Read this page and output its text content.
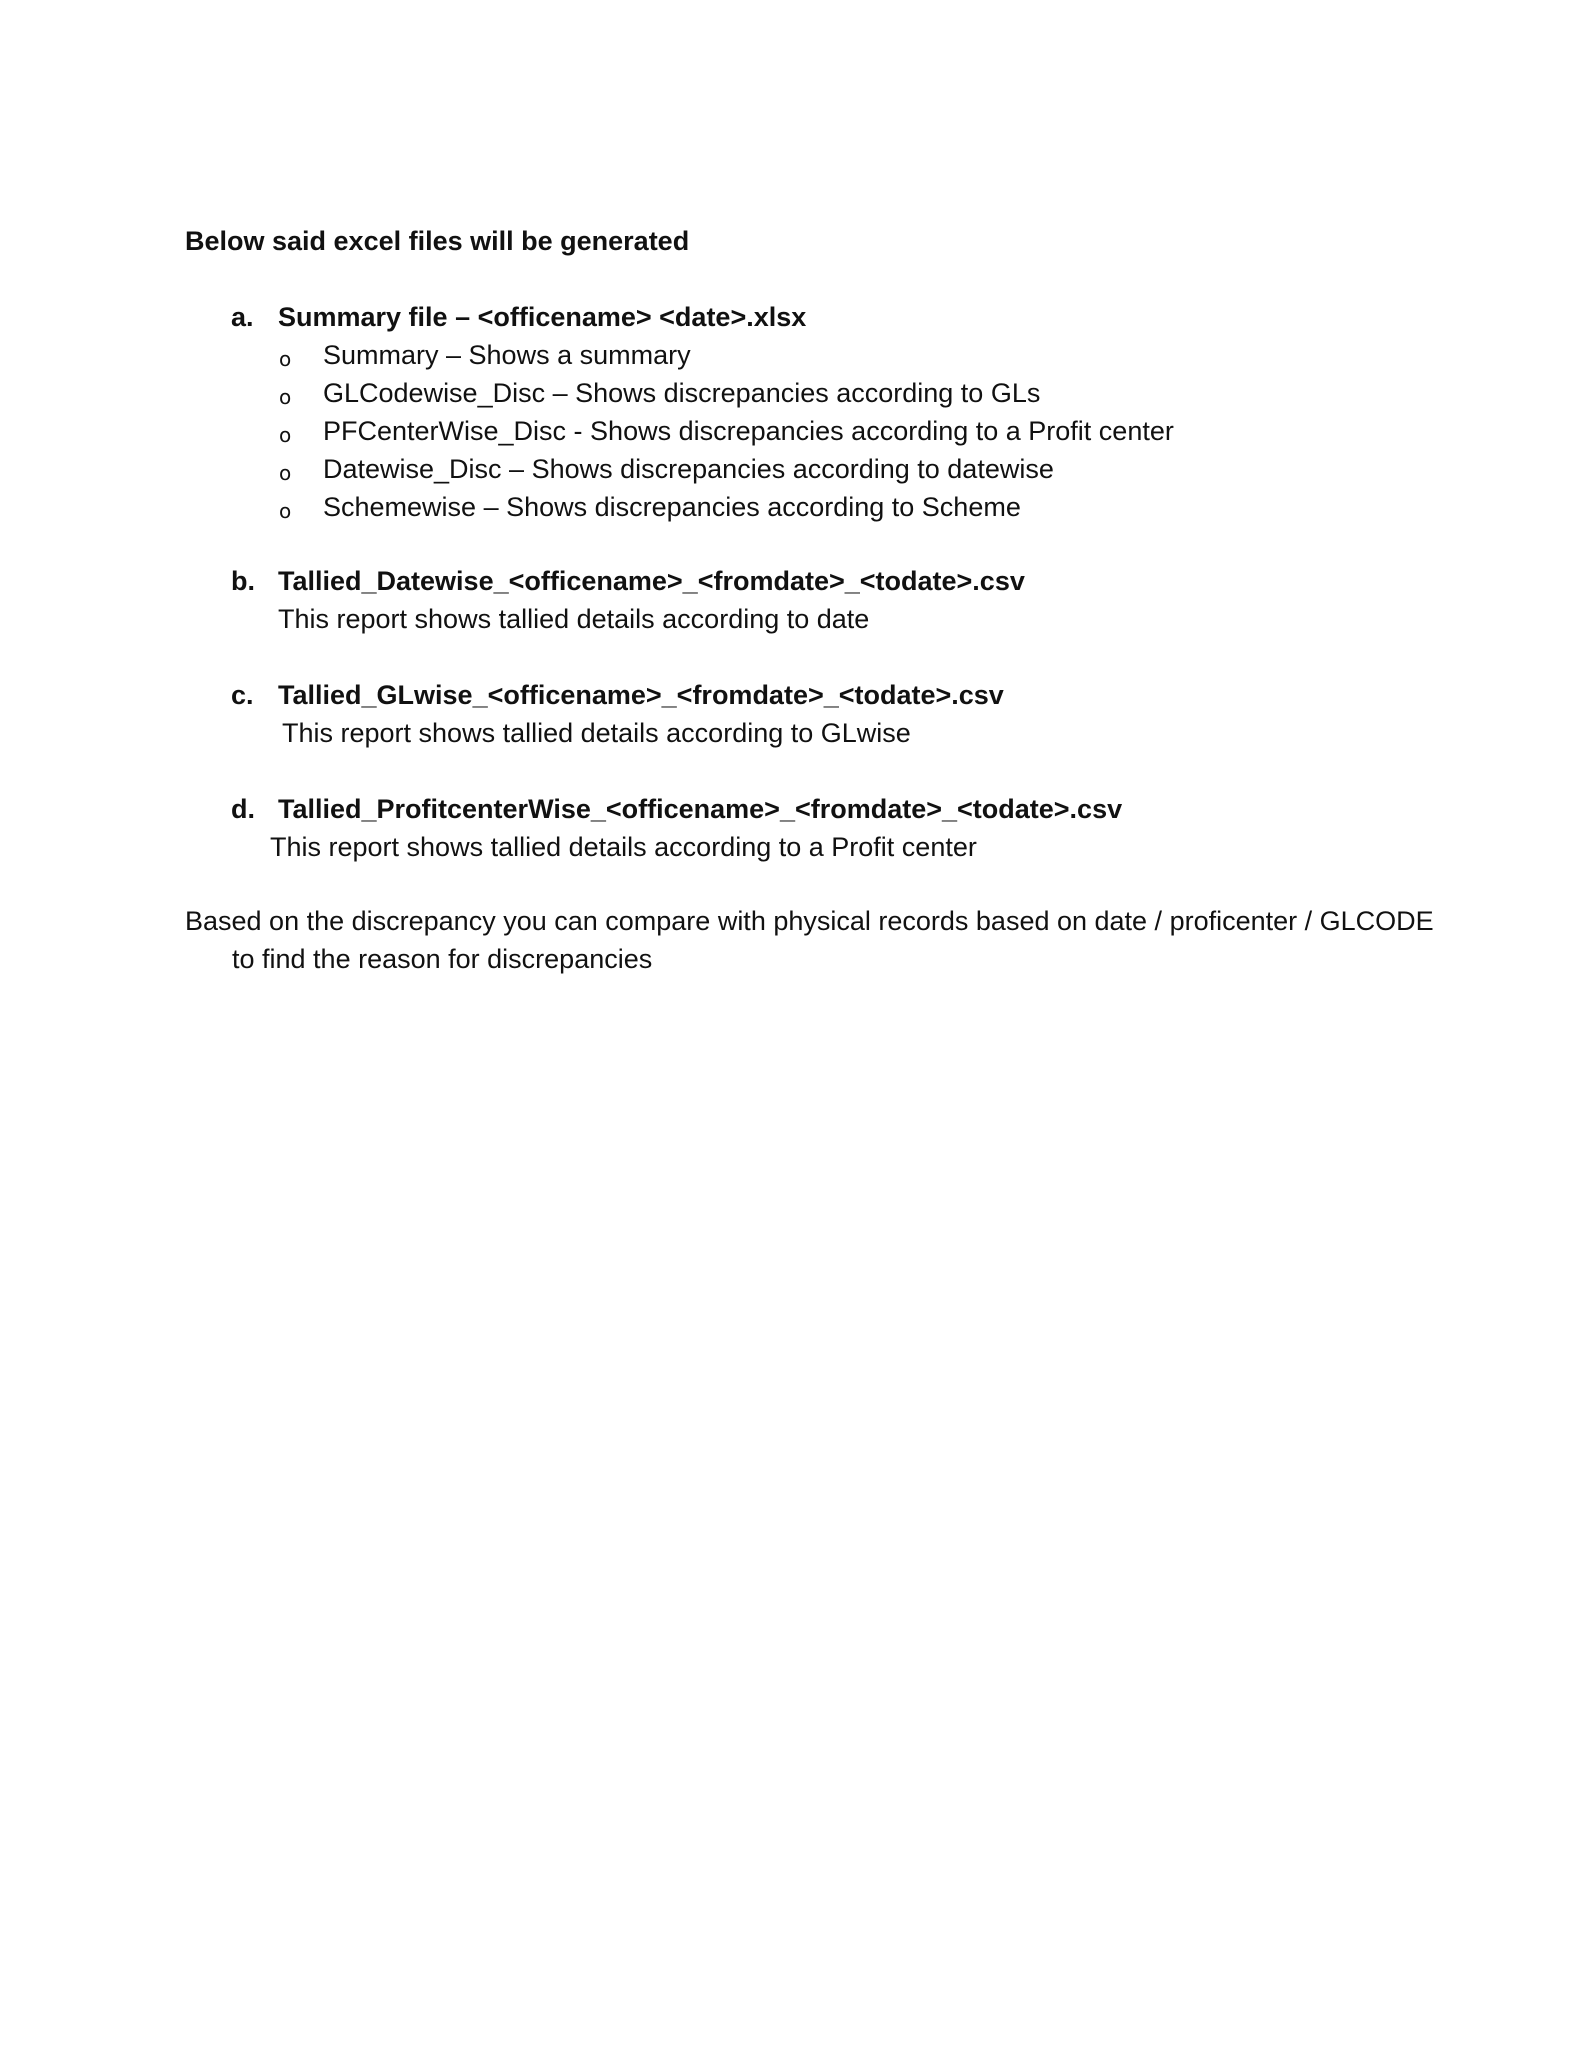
Below said excel files will be generated
a. Summary file – <officename> <date>.xlsx
o Summary – Shows a summary
o GLCodewise_Disc – Shows discrepancies according to GLs
o PFCenterWise_Disc - Shows discrepancies according to a Profit center
o Datewise_Disc – Shows discrepancies according to datewise
o Schemewise – Shows discrepancies according to Scheme
b. Tallied_Datewise_<officename>_<fromdate>_<todate>.csv
This report shows tallied details according to date
c. Tallied_GLwise_<officename>_<fromdate>_<todate>.csv
This report shows tallied details according to GLwise
d. Tallied_ProfitcenterWise_<officename>_<fromdate>_<todate>.csv
This report shows tallied details according to a Profit center
Based on the discrepancy you can compare with physical records based on date / proficenter / GLCODE to find the reason for discrepancies
